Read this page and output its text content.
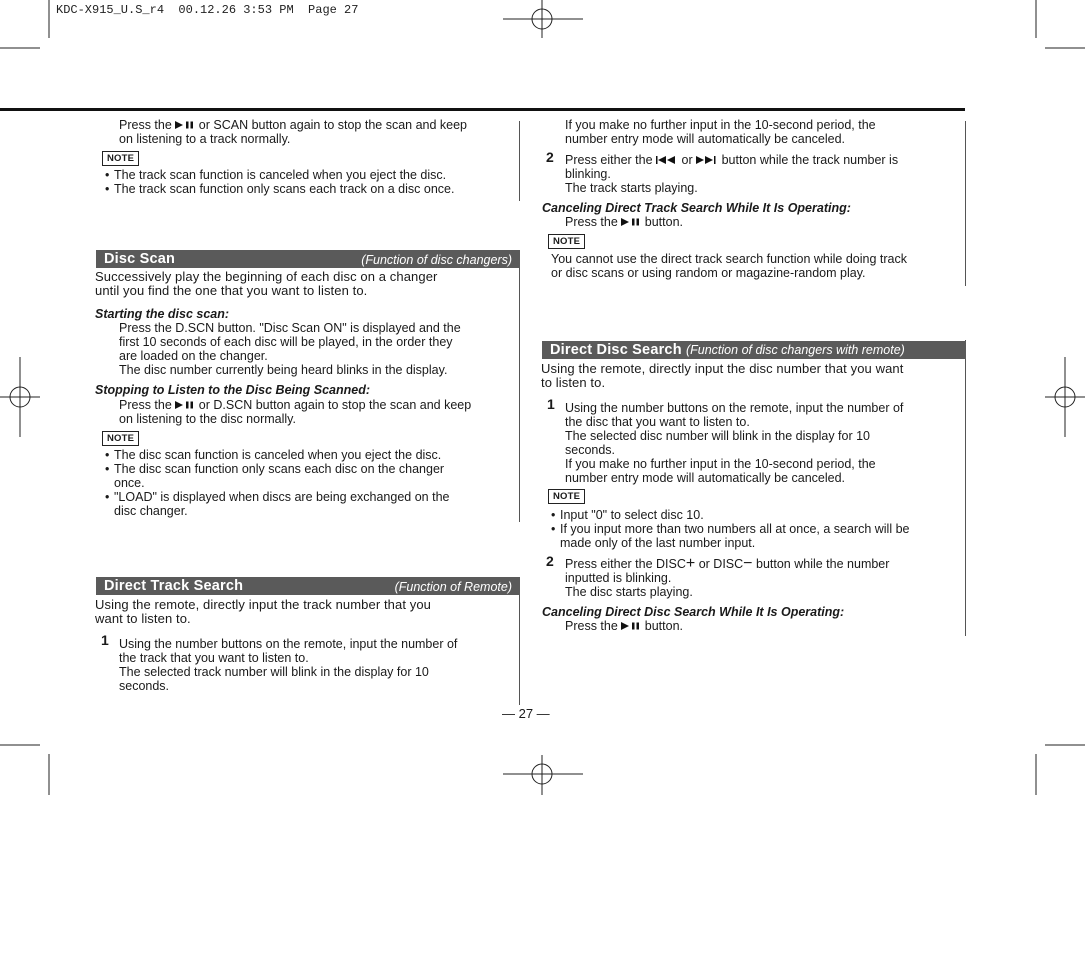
KDC-X915_U.S_r4  00.12.26 3:53 PM  Page 27
Press the or SCAN button again to stop the scan and keep
on listening to a track normally.
NOTE
• The track scan function is canceled when you eject the disc.
• The track scan function only scans each track on a disc once.
Disc Scan	(Function of disc changers)
Successively play the beginning of each disc on a changer
until you find the one that you want to listen to.
Starting the disc scan:
Press the D.SCN button. "Disc Scan ON" is displayed and the
first 10 seconds of each disc will be played, in the order they
are loaded on the changer.
The disc number currently being heard blinks in the display.
Stopping to Listen to the Disc Being Scanned:
Press the or D.SCN button again to stop the scan and keep
on listening to the disc normally.
NOTE
• The disc scan function is canceled when you eject the disc.
• The disc scan function only scans each disc on the changer
once.
• "LOAD" is displayed when discs are being exchanged on the
disc changer.
Direct Track Search	(Function of Remote)
Using the remote, directly input the track number that you
want to listen to.
1 Using the number buttons on the remote, input the number of
the track that you want to listen to.
The selected track number will blink in the display for 10
seconds.
If you make no further input in the 10-second period, the
number entry mode will automatically be canceled.
2 Press either the or button while the track number is
blinking.
The track starts playing.
Canceling Direct Track Search While It Is Operating:
Press the button.
NOTE
You cannot use the direct track search function while doing track
or disc scans or using random or magazine-random play.
Direct Disc Search (Function of disc changers with remote)
Using the remote, directly input the disc number that you want
to listen to.
1 Using the number buttons on the remote, input the number of
the disc that you want to listen to.
The selected disc number will blink in the display for 10
seconds.
If you make no further input in the 10-second period, the
number entry mode will automatically be canceled.
NOTE
• Input "0" to select disc 10.
• If you input more than two numbers all at once, a search will be
made only of the last number input.
2 Press either the DISC+ or DISC− button while the number
inputted is blinking.
The disc starts playing.
Canceling Direct Disc Search While It Is Operating:
Press the button.
— 27 —
